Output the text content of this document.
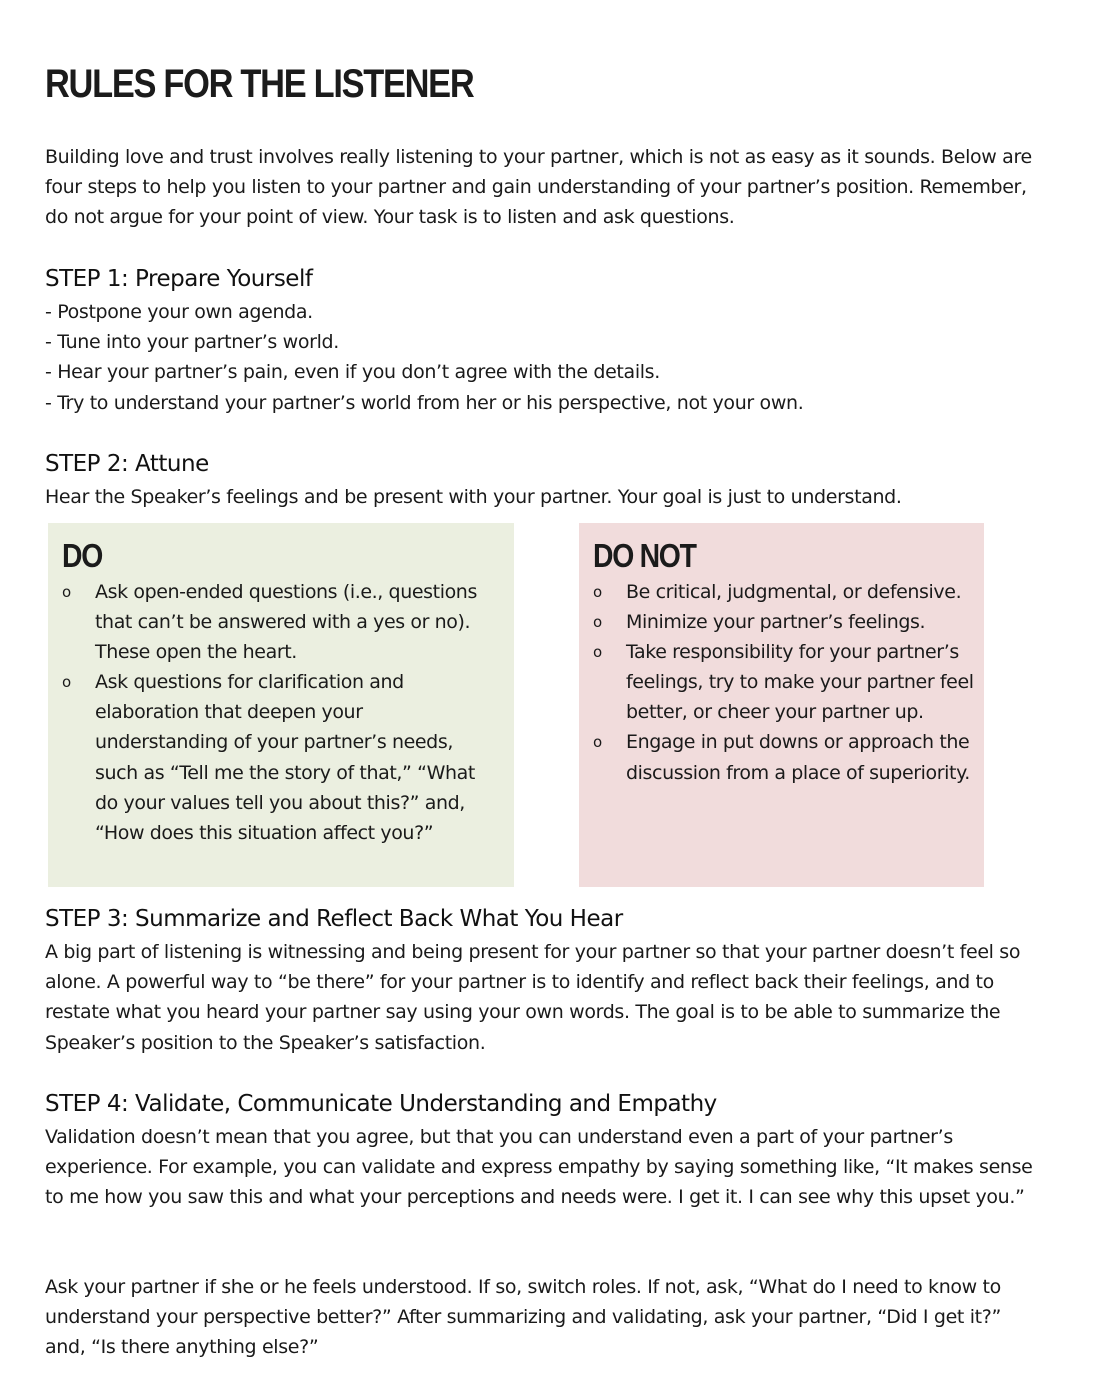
RULES FOR THE LISTENER

Building love and trust involves really listening to your partner, which is not as easy as it sounds. Below are four steps to help you listen to your partner and gain understanding of your partner’s position. Remember, do not argue for your point of view. Your task is to listen and ask questions.

STEP 1: Prepare Yourself
- Postpone your own agenda.
- Tune into your partner’s world.
- Hear your partner’s pain, even if you don’t agree with the details.
- Try to understand your partner’s world from her or his perspective, not your own.
STEP 2: Attune

Hear the Speaker’s feelings and be present with your partner. Your goal is just to understand.

DO
o Ask open-ended questions (i.e., questions that can’t be answered with a yes or no). These open the heart.
o Ask questions for clarification and elaboration that deepen your understanding of your partner’s needs, such as “Tell me the story of that,” “What do your values tell you about this?” and, “How does this situation affect you?”
DO NOT
o Be critical, judgmental, or defensive.
o Minimize your partner’s feelings.
o Take responsibility for your partner’s feelings, try to make your partner feel better, or cheer your partner up.
o Engage in put downs or approach the discussion from a place of superiority.
STEP 3: Summarize and Reflect Back What You Hear

A big part of listening is witnessing and being present for your partner so that your partner doesn’t feel so alone. A powerful way to “be there” for your partner is to identify and reflect back their feelings, and to restate what you heard your partner say using your own words. The goal is to be able to summarize the Speaker’s position to the Speaker’s satisfaction.

STEP 4: Validate, Communicate Understanding and Empathy

Validation doesn’t mean that you agree, but that you can understand even a part of your partner’s experience. For example, you can validate and express empathy by saying something like, “It makes sense to me how you saw this and what your perceptions and needs were. I get it. I can see why this upset you.”

Ask your partner if she or he feels understood. If so, switch roles. If not, ask, “What do I need to know to understand your perspective better?” After summarizing and validating, ask your partner, “Did I get it?” and, “Is there anything else?”
